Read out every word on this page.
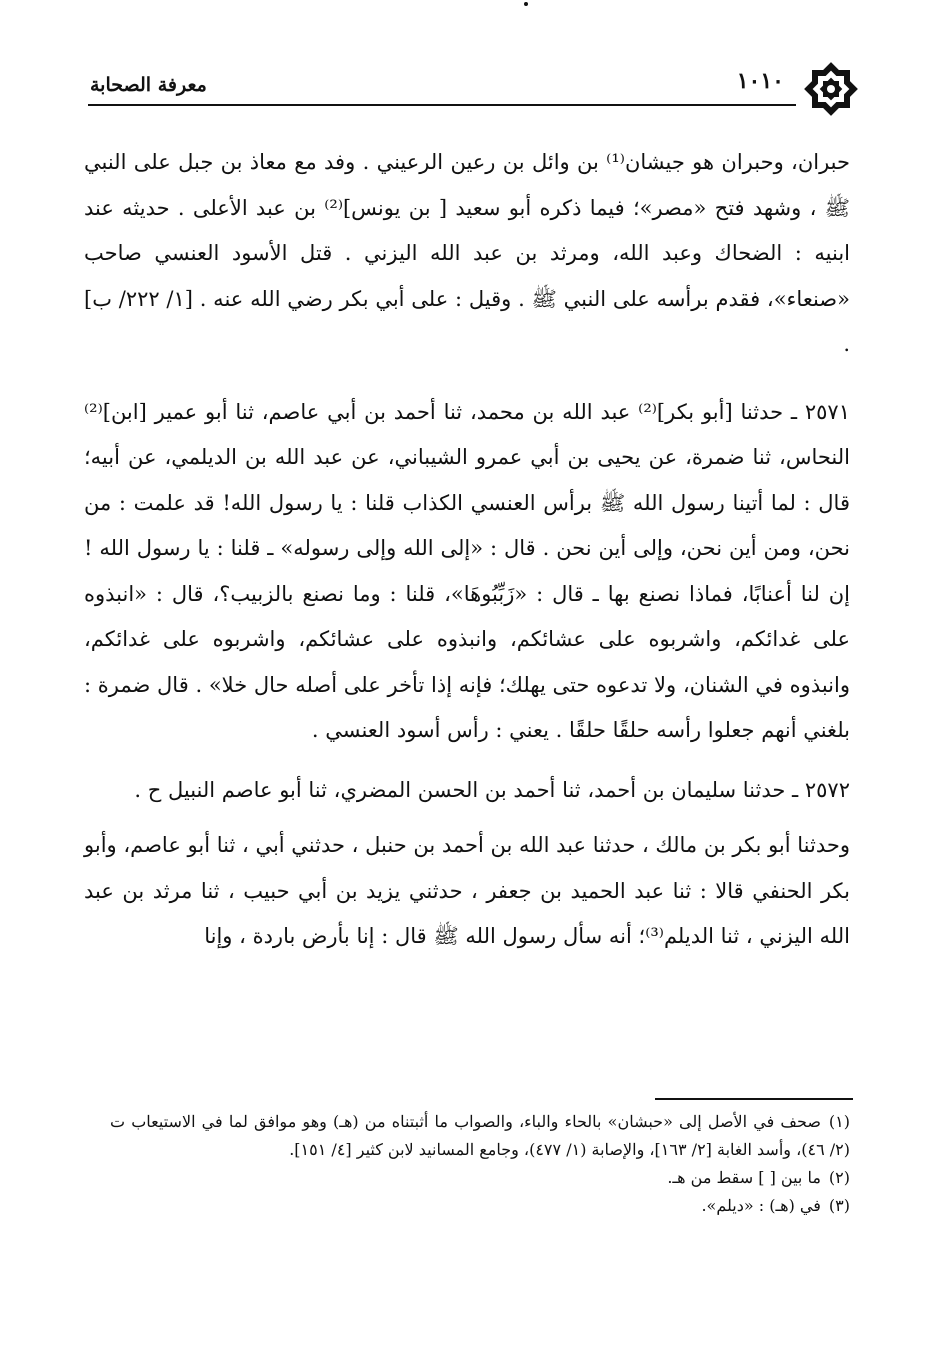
١٠١٠
معرفة الصحابة

حبران، وحبران هو جيشان⁽¹⁾ بن وائل بن رعين الرعيني . وفد مع معاذ بن جبل على النبي ﷺ ، وشهد فتح «مصر»؛ فيما ذكره أبو سعيد [ بن يونس]⁽²⁾ بن عبد الأعلى . حديثه عند ابنيه : الضحاك وعبد الله، ومرثد بن عبد الله اليزني . قتل الأسود العنسي صاحب «صنعاء»، فقدم برأسه على النبي ﷺ . وقيل : على أبي بكر رضي الله عنه . [١/ ٢٢٢/ ب] .

٢٥٧١ ـ حدثنا [أبو بكر]⁽²⁾ عبد الله بن محمد، ثنا أحمد بن أبي عاصم، ثنا أبو عمير [ابن]⁽²⁾ النحاس، ثنا ضمرة، عن يحيى بن أبي عمرو الشيباني، عن عبد الله بن الديلمي، عن أبيه؛ قال : لما أتينا رسول الله ﷺ برأس العنسي الكذاب قلنا : يا رسول الله! قد علمت : من نحن، ومن أين نحن، وإلى أين نحن . قال : «إلى الله وإلى رسوله» ـ قلنا : يا رسول الله ! إن لنا أعنابًا، فماذا نصنع بها ـ قال : «زَبِّبُوهَا»، قلنا : وما نصنع بالزبيب؟، قال : «انبذوه على غدائكم، واشربوه على عشائكم، وانبذوه على عشائكم، واشربوه على غدائكم، وانبذوه في الشنان، ولا تدعوه حتى يهلك؛ فإنه إذا تأخر على أصله حال خلا» . قال ضمرة : بلغني أنهم جعلوا رأسه حلقًا حلقًا . يعني : رأس أسود العنسي .

٢٥٧٢ ـ حدثنا سليمان بن أحمد، ثنا أحمد بن الحسن المضري، ثنا أبو عاصم النبيل ح .

وحدثنا أبو بكر بن مالك ، حدثنا عبد الله بن أحمد بن حنبل ، حدثني أبي ، ثنا أبو عاصم، وأبو بكر الحنفي قالا : ثنا عبد الحميد بن جعفر ، حدثني يزيد بن أبي حبيب ، ثنا مرثد بن عبد الله اليزني ، ثنا الديلم⁽³⁾؛ أنه سأل رسول الله ﷺ قال : إنا بأرض باردة ، وإنا

(١)صحف في الأصل إلى «حبشان» بالحاء والباء، والصواب ما أثبتناه من (هـ) وهو موافق لما في الاستيعاب ت (٢/ ٤٦)، وأسد الغابة [٢/ ١٦٣]، والإصابة (١/ ٤٧٧)، وجامع المسانيد لابن كثير [٤/ ١٥١].

(٢)ما بين [ ] سقط من هـ.

(٣)في (هـ) : «ديلم».
